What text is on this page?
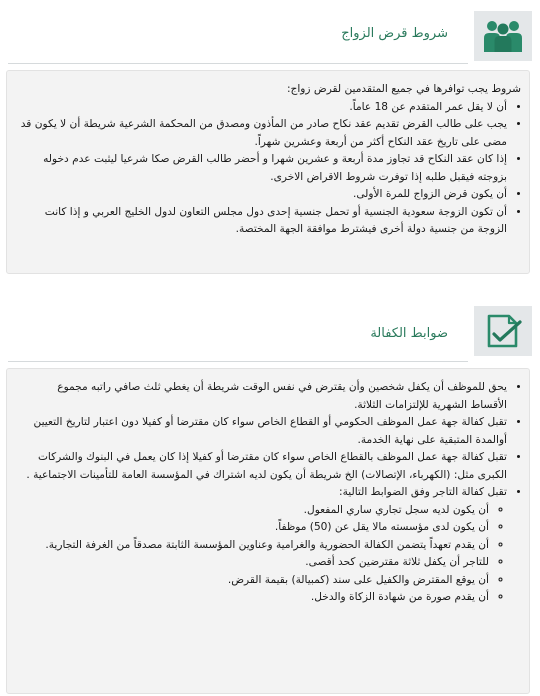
شروط قرض الزواج

شروط يجب توافرها في جميع المتقدمين لقرض زواج:

• أن لا يقل عمر المتقدم عن 18 عاماً.
• يجب على طالب القرض تقديم عقد نكاح صادر من المأذون ومصدق من المحكمة الشرعية شريطة أن لا يكون قد مضى على تاريخ عقد النكاح أكثر من أربعة وعشرين شهراً.
• إذا كان عقد النكاح قد تجاوز مدة أربعة و عشرين شهرا و أحضر طالب القرض صكا شرعيا ليثبت عدم دخوله بزوجته فيقبل طلبه إذا توفرت شروط الاقراض الاخرى.
• أن يكون قرض الزواج للمرة الأولى.
• أن تكون الزوجة سعودية الجنسية أو تحمل جنسية إحدى دول مجلس التعاون لدول الخليج العربي و إذا كانت الزوجة من جنسية دولة أخرى فيشترط موافقة الجهة المختصة.
ضوابط الكفالة
• يحق للموظف أن يكفل شخصين وأن يقترض في نفس الوقت شريطة أن يغطي ثلث صافي راتبه مجموع الأقساط الشهرية للإلتزامات الثلاثة.
• تقبل كفالة جهة عمل الموظف الحكومي أو القطاع الخاص سواء كان مقترضا أو كفيلا دون اعتبار لتاريخ التعيين أوالمدة المتبقية على نهاية الخدمة.
• تقبل كفالة جهة عمل الموظف بالقطاع الخاص سواء كان مقترضا أو كفيلا إذا كان يعمل في البنوك والشركات الكبرى مثل: (الكهرباء، الإتصالات) الخ شريطة أن يكون لديه اشتراك في المؤسسة العامة للتأمينات الاجتماعية .
• تقبل كفالة التاجر وفق الضوابط التالية:
◦ أن يكون لديه سجل تجاري ساري المفعول.
◦ أن يكون لدى مؤسسته مالا يقل عن (50) موظفاً.
◦ أن يقدم تعهداً يتضمن الكفالة الحضورية والغرامية وعناوين المؤسسة الثابتة مصدقاً من الغرفة التجارية.
◦ للتاجر أن يكفل ثلاثة مقترضين كحد أقصى.
◦ أن يوقع المقترض والكفيل على سند (كمبيالة) بقيمة القرض.
◦ أن يقدم صورة من شهادة الزكاة والدخل.
